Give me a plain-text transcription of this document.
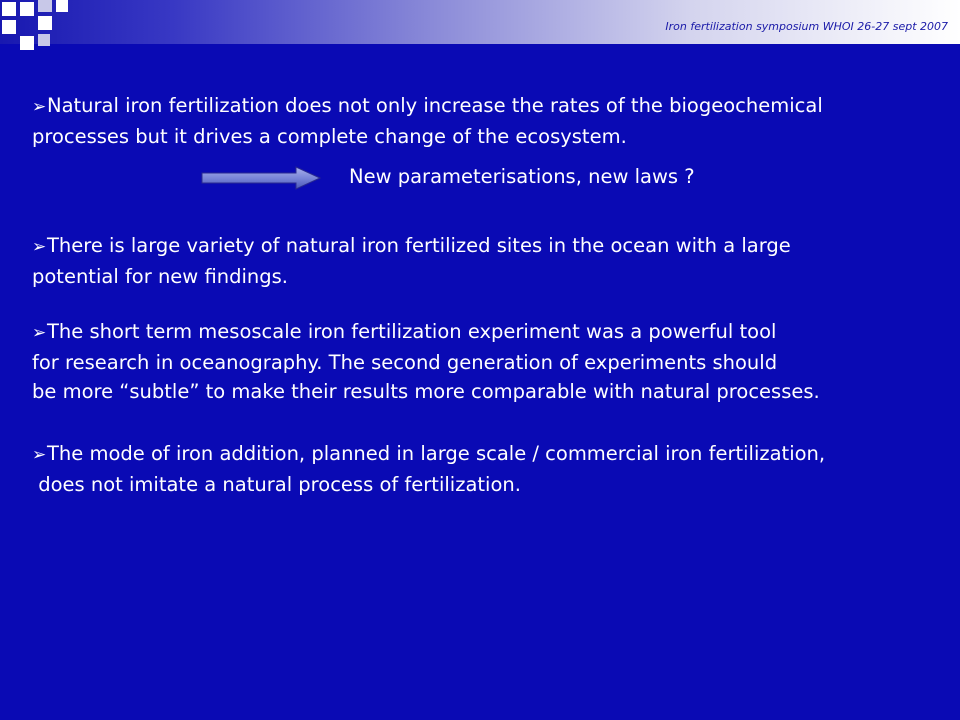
Iron fertilization symposium WHOI 26-27 sept 2007
➢Natural iron fertilization does not only increase the rates of the biogeochemical
processes but it drives a complete change of the ecosystem.
New parameterisations, new laws ?
➢There is large variety of natural iron fertilized sites in the ocean with a large
potential for new findings.
➢The short term mesoscale iron fertilization experiment was a powerful tool
for research in oceanography. The second generation of experiments should
be more “subtle” to make their results more comparable with natural processes.
➢The mode of iron addition, planned in large scale / commercial iron fertilization,
does not imitate a natural process of fertilization.
